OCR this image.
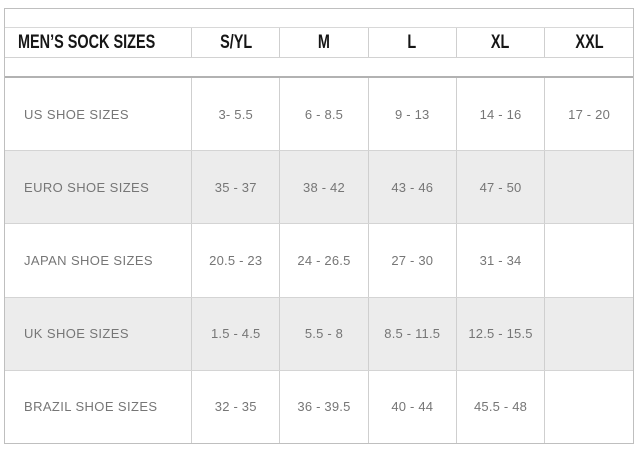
MEN’S SOCK SIZES	S/YL	M	L	XL	XXL
US SHOE SIZES	3- 5.5	6 - 8.5	9 - 13	14 - 16	17 - 20
EURO SHOE SIZES	35 - 37	38 - 42	43 - 46	47 - 50	
JAPAN SHOE SIZES	20.5 - 23	24 - 26.5	27 - 30	31 - 34	
UK SHOE SIZES	1.5 - 4.5	5.5 - 8	8.5 - 11.5	12.5 - 15.5	
BRAZIL SHOE SIZES	32 - 35	36 - 39.5	40 - 44	45.5 - 48	
